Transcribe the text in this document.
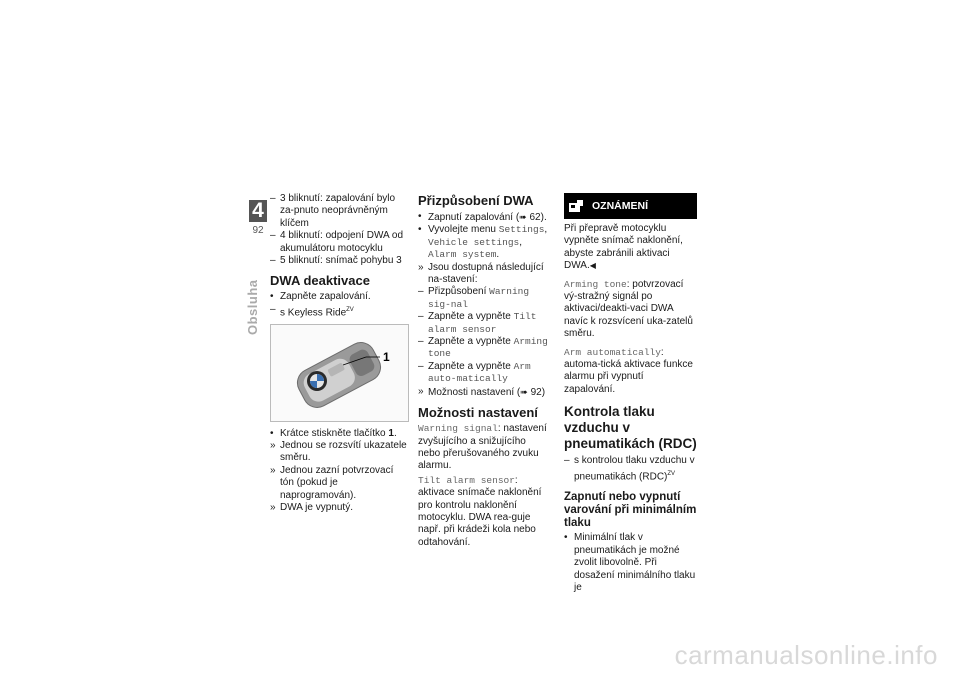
4
92
Obsluha

– 3 bliknutí: zapalování bylo za-pnuto neoprávněným klíčem

– 4 bliknutí: odpojení DWA od akumulátoru motocyklu

– 5 bliknutí: snímač pohybu 3

DWA deaktivace

• Zapněte zapalování.

– s Keyless Ride$^{ZV}$

1

• Krátce stiskněte tlačítko 1.

» Jednou se rozsvítí ukazatele směru.

» Jednou zazní potvrzovací tón (pokud je naprogramován).

» DWA je vypnutý.

Přizpůsobení DWA

• Zapnutí zapalování (➠ 62).

• Vyvolejte menu Settings, Vehicle settings, Alarm system.

» Jsou dostupná následující na-stavení:

– Přizpůsobení Warning sig-nal

– Zapněte a vypněte Tilt alarm sensor

– Zapněte a vypněte Arming tone

– Zapněte a vypněte Arm auto-matically

» Možnosti nastavení (➠ 92)

Možnosti nastavení

Warning signal: nastavení zvyšujícího a snižujícího nebo přerušovaného zvuku alarmu.

Tilt alarm sensor: aktivace snímače naklonění pro kontrolu naklonění motocyklu. DWA rea-guje např. při krádeži kola nebo odtahování.

OZNÁMENÍ

Při přepravě motocyklu vypněte snímač naklonění, abyste zabránili aktivaci DWA.◀

Arming tone: potvrzovací vý-stražný signál po aktivaci/deakti-vaci DWA navíc k rozsvícení uka-zatelů směru.

Arm automatically: automa-tická aktivace funkce alarmu při vypnutí zapalování.

Kontrola tlaku vzduchu v pneumatikách (RDC)

– s kontrolou tlaku vzduchu v pneumatikách (RDC)$^{ZV}$

Zapnutí nebo vypnutí varování při minimálním tlaku

• Minimální tlak v pneumatikách je možné zvolit libovolně. Při dosažení minimálního tlaku je

carmanualsonline.info
